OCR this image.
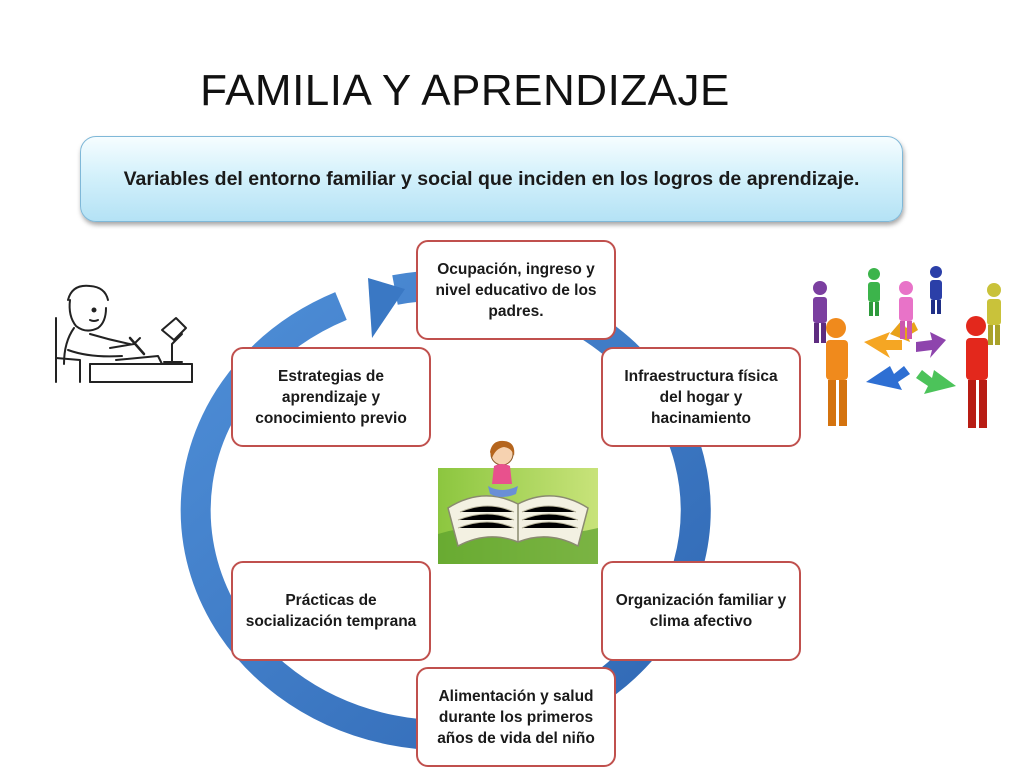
FAMILIA Y APRENDIZAJE
Variables del entorno familiar y social que inciden en los logros de aprendizaje.
Ocupación, ingreso y nivel educativo de los padres.
Infraestructura física del hogar y hacinamiento
Organización familiar y clima afectivo
Alimentación y salud durante los primeros años de vida del niño
Prácticas de socialización temprana
Estrategias de aprendizaje y conocimiento previo
